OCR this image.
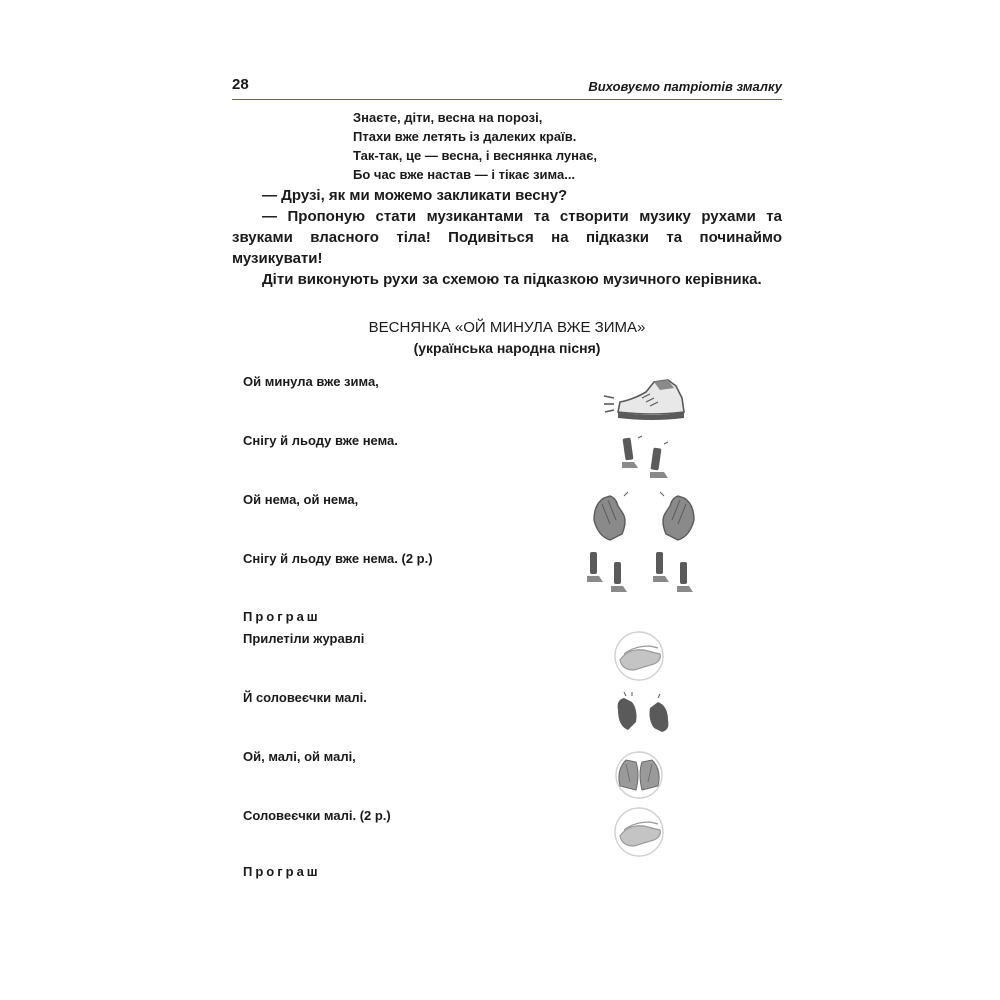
28	Виховуємо патріотів змалку
Знаєте, діти, весна на порозі,
Птахи вже летять із далеких країв.
Так-так, це — весна, і веснянка лунає,
Бо час вже настав — і тікає зима...

— Друзі, як ми можемо закликати весну?

— Пропоную стати музикантами та створити музику рухами та звуками власного тіла! Подивіться на підказки та починаймо музикувати!

Діти виконують рухи за схемою та підказкою музичного керівника.

ВЕСНЯНКА «ОЙ МИНУЛА ВЖЕ ЗИМА»
(українська народна пісня)
Ой минула вже зима,
Снігу й льоду вже нема.
Ой нема, ой нема,
Снігу й льоду вже нема. (2 р.)
Програш
Прилетіли журавлі
Й соловеєчки малі.
Ой, малі, ой малі,
Соловеєчки малі. (2 р.)
Програш
